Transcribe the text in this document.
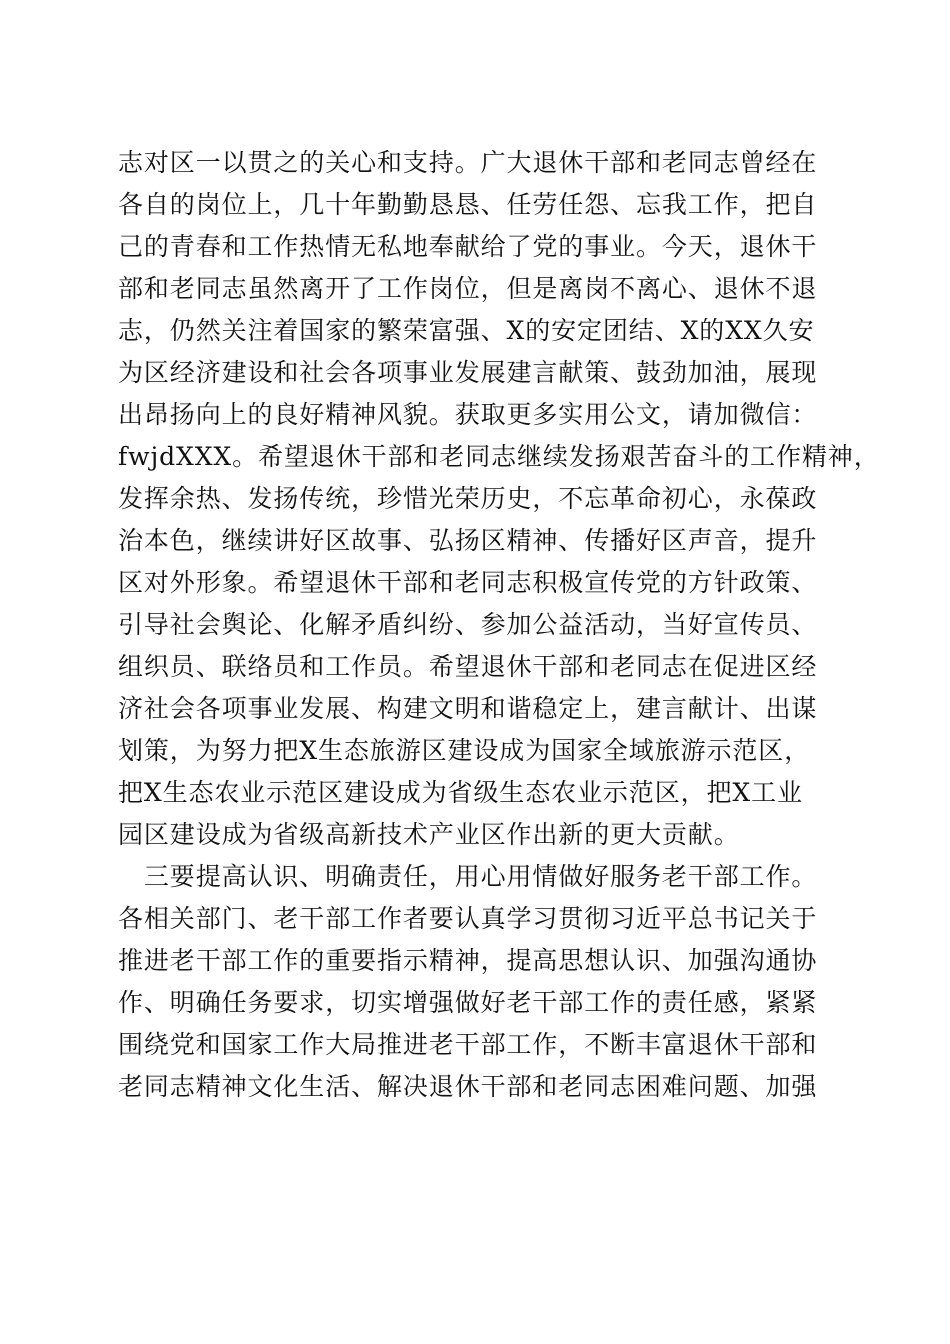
志对区一以贯之的关心和支持。广大退休干部和老同志曾经在
各自的岗位上，几十年勤勤恳恳、任劳任怨、忘我工作，把自
己的青春和工作热情无私地奉献给了党的事业。今天，退休干
部和老同志虽然离开了工作岗位，但是离岗不离心、退休不退
志，仍然关注着国家的繁荣富强、X的安定团结、X的XX久安
为区经济建设和社会各项事业发展建言献策、鼓劲加油，展现
出昂扬向上的良好精神风貌。获取更多实用公文，请加微信：
fwjdXXX。希望退休干部和老同志继续发扬艰苦奋斗的工作精神，
发挥余热、发扬传统，珍惜光荣历史，不忘革命初心，永葆政
治本色，继续讲好区故事、弘扬区精神、传播好区声音，提升
区对外形象。希望退休干部和老同志积极宣传党的方针政策、
引导社会舆论、化解矛盾纠纷、参加公益活动，当好宣传员、
组织员、联络员和工作员。希望退休干部和老同志在促进区经
济社会各项事业发展、构建文明和谐稳定上，建言献计、出谋
划策，为努力把X生态旅游区建设成为国家全域旅游示范区，
把X生态农业示范区建设成为省级生态农业示范区，把X工业
园区建设成为省级高新技术产业区作出新的更大贡献。
　三要提高认识、明确责任，用心用情做好服务老干部工作。
各相关部门、老干部工作者要认真学习贯彻习近平总书记关于
推进老干部工作的重要指示精神，提高思想认识、加强沟通协
作、明确任务要求，切实增强做好老干部工作的责任感，紧紧
围绕党和国家工作大局推进老干部工作，不断丰富退休干部和
老同志精神文化生活、解决退休干部和老同志困难问题、加强
